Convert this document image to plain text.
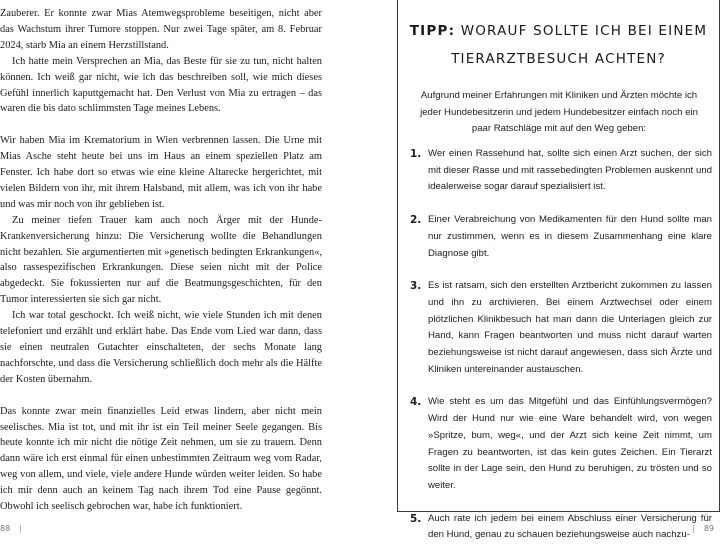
Zauberer. Er konnte zwar Mias Atemwegsprobleme beseitigen, nicht aber das Wachstum ihrer Tumore stoppen. Nur zwei Tage später, am 8. Februar 2024, starb Mia an einem Herzstillstand.

Ich hatte mein Versprechen an Mia, das Beste für sie zu tun, nicht halten können. Ich weiß gar nicht, wie ich das beschreiben soll, wie mich dieses Gefühl innerlich kaputtgemacht hat. Den Verlust von Mia zu ertragen – das waren die bis dato schlimmsten Tage meines Lebens.

Wir haben Mia im Krematorium in Wien verbrennen lassen. Die Urne mit Mias Asche steht heute bei uns im Haus an einem speziellen Platz am Fenster. Ich habe dort so etwas wie eine kleine Altarecke hergerichtet, mit vielen Bildern von ihr, mit ihrem Halsband, mit allem, was ich von ihr habe und was mir noch von ihr geblieben ist.

Zu meiner tiefen Trauer kam auch noch Ärger mit der Hunde-Krankenversicherung hinzu: Die Versicherung wollte die Behandlungen nicht bezahlen. Sie argumentierten mit »genetisch bedingten Erkrankungen«, also rassespezifischen Erkrankungen. Diese seien nicht mit der Police abgedeckt. Sie fokussierten nur auf die Beatmungsgeschichten, für den Tumor interessierten sie sich gar nicht.

Ich war total geschockt. Ich weiß nicht, wie viele Stunden ich mit denen telefoniert und erzählt und erklärt habe. Das Ende vom Lied war dann, dass sie einen neutralen Gutachter einschalteten, der sechs Monate lang nachforschte, und dass die Versicherung schließlich doch mehr als die Hälfte der Kosten übernahm.

Das konnte zwar mein finanzielles Leid etwas lindern, aber nicht mein seelisches. Mia ist tot, und mit ihr ist ein Teil meiner Seele gegangen. Bis heute konnte ich mir nicht die nötige Zeit nehmen, um sie zu trauern. Denn dann wäre ich erst einmal für einen unbestimmten Zeitraum weg vom Radar, weg von allem, und viele, viele andere Hunde würden weiter leiden. So habe ich mir denn auch an keinem Tag nach ihrem Tod eine Pause gegönnt. Obwohl ich seelisch gebrochen war, habe ich funktioniert.

88 |
TIPP: WORAUF SOLLTE ICH BEI EINEM
TIERARZTBESUCH ACHTEN?

Aufgrund meiner Erfahrungen mit Kliniken und Ärzten möchte ich jeder Hundebesitzerin und jedem Hundebesitzer einfach noch ein paar Ratschläge mit auf den Weg geben:

1. Wer einen Rassehund hat, sollte sich einen Arzt suchen, der sich mit dieser Rasse und mit rassebedingten Problemen auskennt und idealerweise sogar darauf spezialisiert ist.
2. Einer Verabreichung von Medikamenten für den Hund sollte man nur zustimmen, wenn es in diesem Zusammenhang eine klare Diagnose gibt.
3. Es ist ratsam, sich den erstellten Arztbericht zukommen zu lassen und ihn zu archivieren. Bei einem Arztwechsel oder einem plötzlichen Klinikbesuch hat man dann die Unterlagen gleich zur Hand, kann Fragen beantworten und muss nicht darauf warten beziehungsweise ist nicht darauf angewiesen, dass sich Ärzte und Kliniken untereinander austauschen.
4. Wie steht es um das Mitgefühl und das Einfühlungsvermögen? Wird der Hund nur wie eine Ware behandelt wird, von wegen »Spritze, bum, weg«, und der Arzt sich keine Zeit nimmt, um Fragen zu beantworten, ist das kein gutes Zeichen. Ein Tierarzt sollte in der Lage sein, den Hund zu beruhigen, zu trösten und so weiter.
5. Auch rate ich jedem bei einem Abschluss einer Versicherung für den Hund, genau zu schauen beziehungsweise auch nachzu-
| 89
